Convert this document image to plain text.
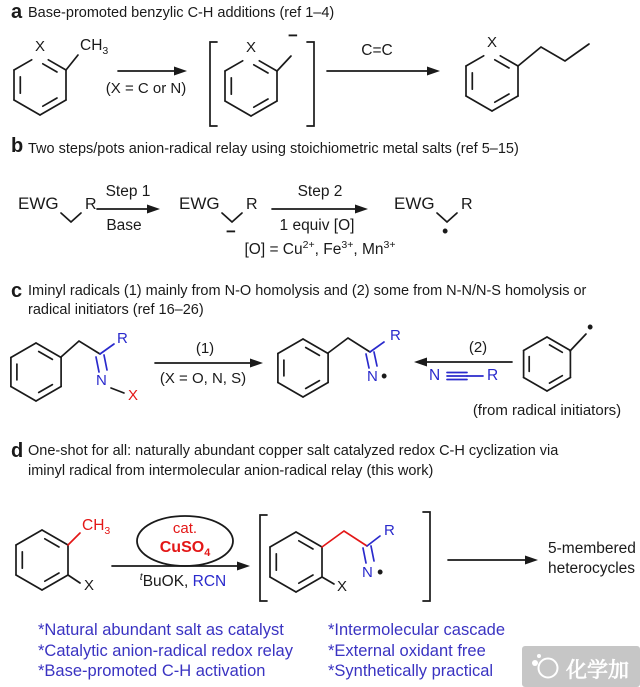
a Base-promoted benzylic C-H additions (ref 1–4)
X $CH_3$
(X = C or N)
X
−
C=C	X
b Two steps/pots anion-radical relay using stoichiometric metal salts (ref 5–15)
EWG R
Step 1
Base
EWG R
−
Step 2
1 equiv [O]
$[O] = Cu^{2+}$, $Fe^{3+}$, $Mn^{3+}$
EWG R
•
c Iminyl radicals (1) mainly from N-O homolysis and (2) some from N-N/N-S homolysis or
radical initiators (ref 16–26)
R
N
X
(1)
(X = O, N, S)
R
N •
(2)
N	R
•
(from radical initiators)
d One-shot for all: naturally abundant copper salt catalyzed redox C-H cyclization via
iminyl radical from intermolecular anion-radical relay (this work)
$CH_3$
X
cat.
CuSO$_4$
$^t$BuOK, RCN
R
N •
X
5-membered
heterocycles
*Natural abundant salt as catalyst
*Catalytic anion-radical redox relay
*Base-promoted C-H activation
*Intermolecular cascade
*External oxidant free
*Synthetically practical	化学加
